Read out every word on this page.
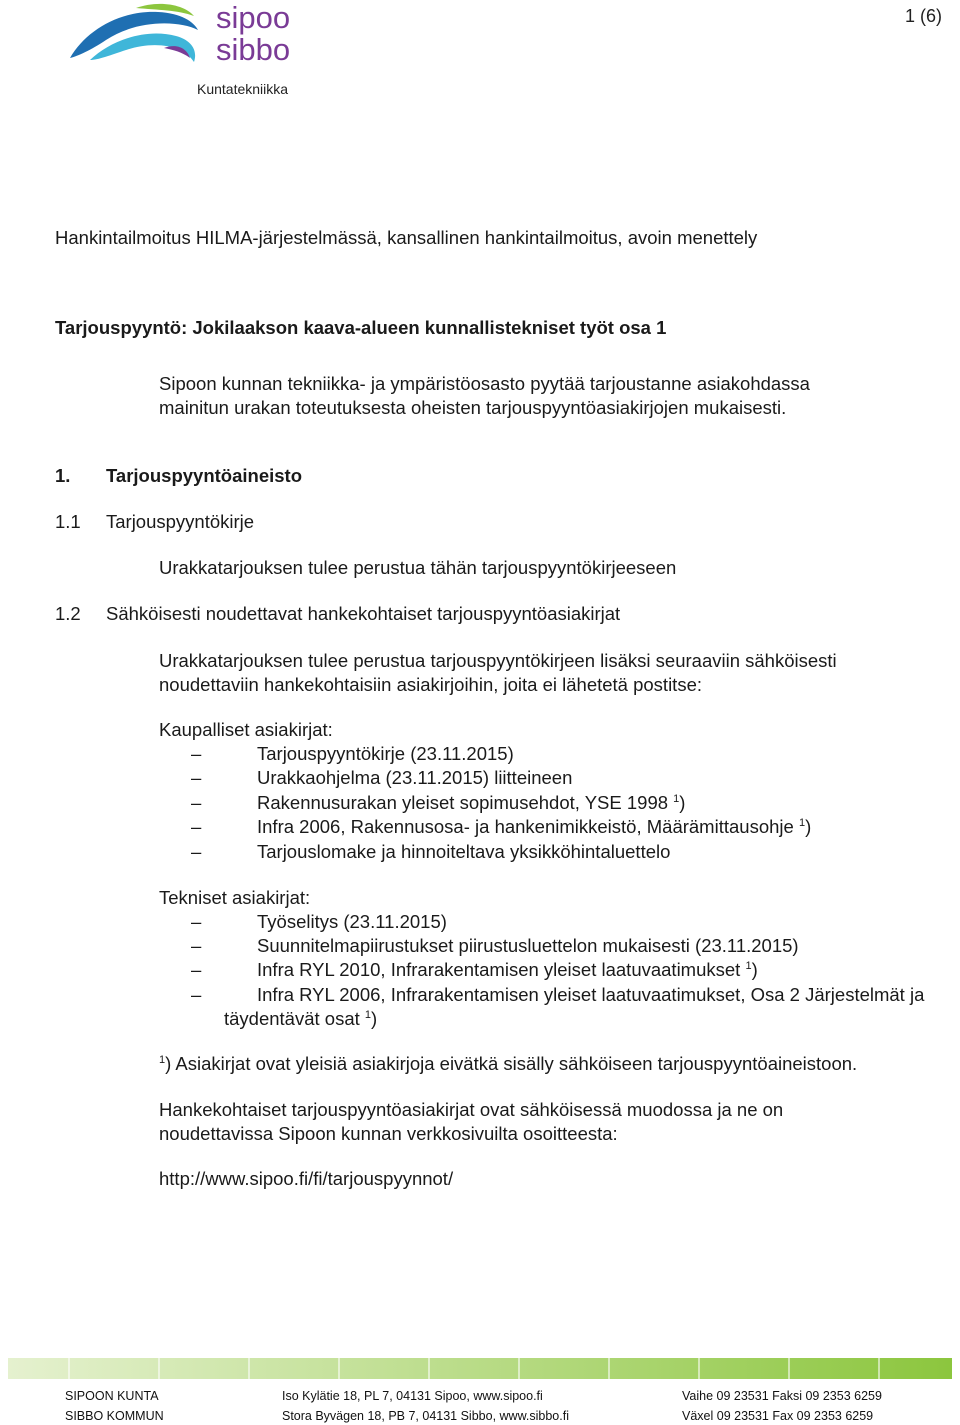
sipoo
sibbo
Kuntatekniikka
1 (6)
Hankintailmoitus HILMA-järjestelmässä, kansallinen hankintailmoitus, avoin menettely
Tarjouspyyntö: Jokilaakson kaava-alueen kunnallistekniset työt osa 1
Sipoon kunnan tekniikka- ja ympäristöosasto pyytää tarjoustanne asiakohdassa
mainitun urakan toteutuksesta oheisten tarjouspyyntöasiakirjojen mukaisesti.
1. Tarjouspyyntöaineisto
1.1 Tarjouspyyntökirje
Urakkatarjouksen tulee perustua tähän tarjouspyyntökirjeeseen
1.2 Sähköisesti noudettavat hankekohtaiset tarjouspyyntöasiakirjat
Urakkatarjouksen tulee perustua tarjouspyyntökirjeen lisäksi seuraaviin sähköisesti
noudettaviin hankekohtaisiin asiakirjoihin, joita ei lähetetä postitse:
Kaupalliset asiakirjat:
–	Tarjouspyyntökirje (23.11.2015)
–	Urakkaohjelma (23.11.2015) liitteineen
–	Rakennusurakan yleiset sopimusehdot, YSE 1998 $^1$)
–	Infra 2006, Rakennusosa- ja hankenimikkeistö, Määrämittausohje $^1$)
–	Tarjouslomake ja hinnoiteltava yksikköhintaluettelo
Tekniset asiakirjat:
–	Työselitys (23.11.2015)
–	Suunnitelmapiirustukset piirustusluettelon mukaisesti (23.11.2015)
–	Infra RYL 2010, Infrarakentamisen yleiset laatuvaatimukset $^1$)
–	Infra RYL 2006, Infrarakentamisen yleiset laatuvaatimukset, Osa 2 Järjestelmät ja
täydentävät osat $^1$)
$^1$) Asiakirjat ovat yleisiä asiakirjoja eivätkä sisälly sähköiseen tarjouspyyntöaineistoon.
Hankekohtaiset tarjouspyyntöasiakirjat ovat sähköisessä muodossa ja ne on
noudettavissa Sipoon kunnan verkkosivuilta osoitteesta:
http://www.sipoo.fi/fi/tarjouspyynnot/
SIPOON KUNTA
SIBBO KOMMUN
Iso Kylätie 18, PL 7, 04131 Sipoo, www.sipoo.fi
Stora Byvägen 18, PB 7, 04131 Sibbo, www.sibbo.fi
Vaihe 09 23531 Faksi 09 2353 6259
Växel 09 23531 Fax 09 2353 6259
